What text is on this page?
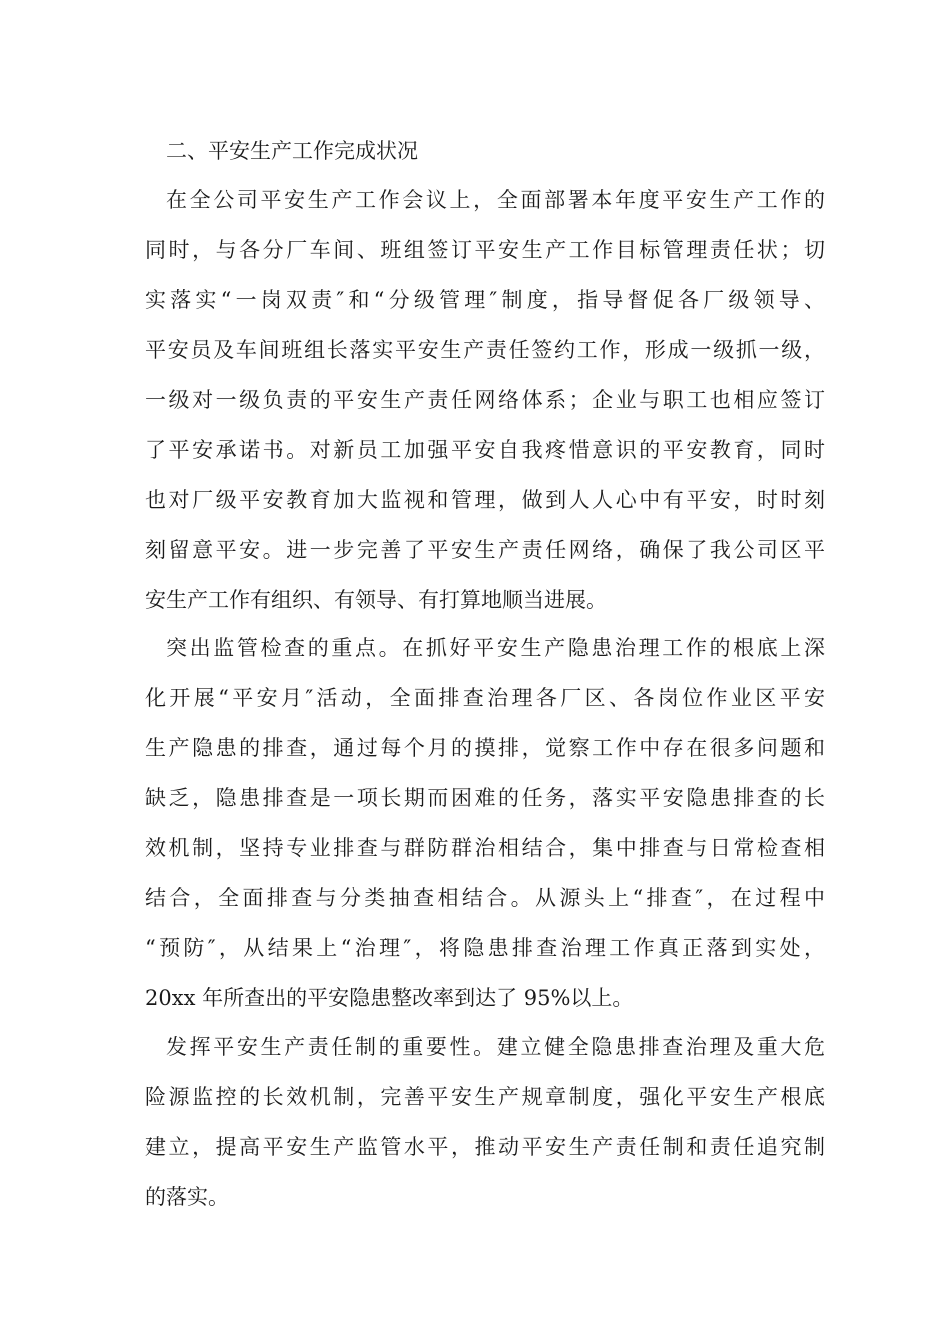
二、平安生产工作完成状况
在全公司平安生产工作会议上，全面部署本年度平安生产工作的
同时，与各分厂车间、班组签订平安生产工作目标管理责任状；切
实落实“一岗双责″和“分级管理″制度，指导督促各厂级领导、
平安员及车间班组长落实平安生产责任签约工作，形成一级抓一级，
一级对一级负责的平安生产责任网络体系；企业与职工也相应签订
了平安承诺书。对新员工加强平安自我疼惜意识的平安教育，同时
也对厂级平安教育加大监视和管理，做到人人心中有平安，时时刻
刻留意平安。进一步完善了平安生产责任网络，确保了我公司区平
安生产工作有组织、有领导、有打算地顺当进展。
突出监管检查的重点。在抓好平安生产隐患治理工作的根底上深
化开展“平安月″活动，全面排查治理各厂区、各岗位作业区平安
生产隐患的排查，通过每个月的摸排，觉察工作中存在很多问题和
缺乏，隐患排查是一项长期而困难的任务，落实平安隐患排查的长
效机制，坚持专业排查与群防群治相结合，集中排查与日常检查相
结合，全面排查与分类抽查相结合。从源头上“排查″，在过程中
“预防″，从结果上“治理″，将隐患排查治理工作真正落到实处，
20xx 年所查出的平安隐患整改率到达了 95%以上。
发挥平安生产责任制的重要性。建立健全隐患排查治理及重大危
险源监控的长效机制，完善平安生产规章制度，强化平安生产根底
建立，提高平安生产监管水平，推动平安生产责任制和责任追究制
的落实。
